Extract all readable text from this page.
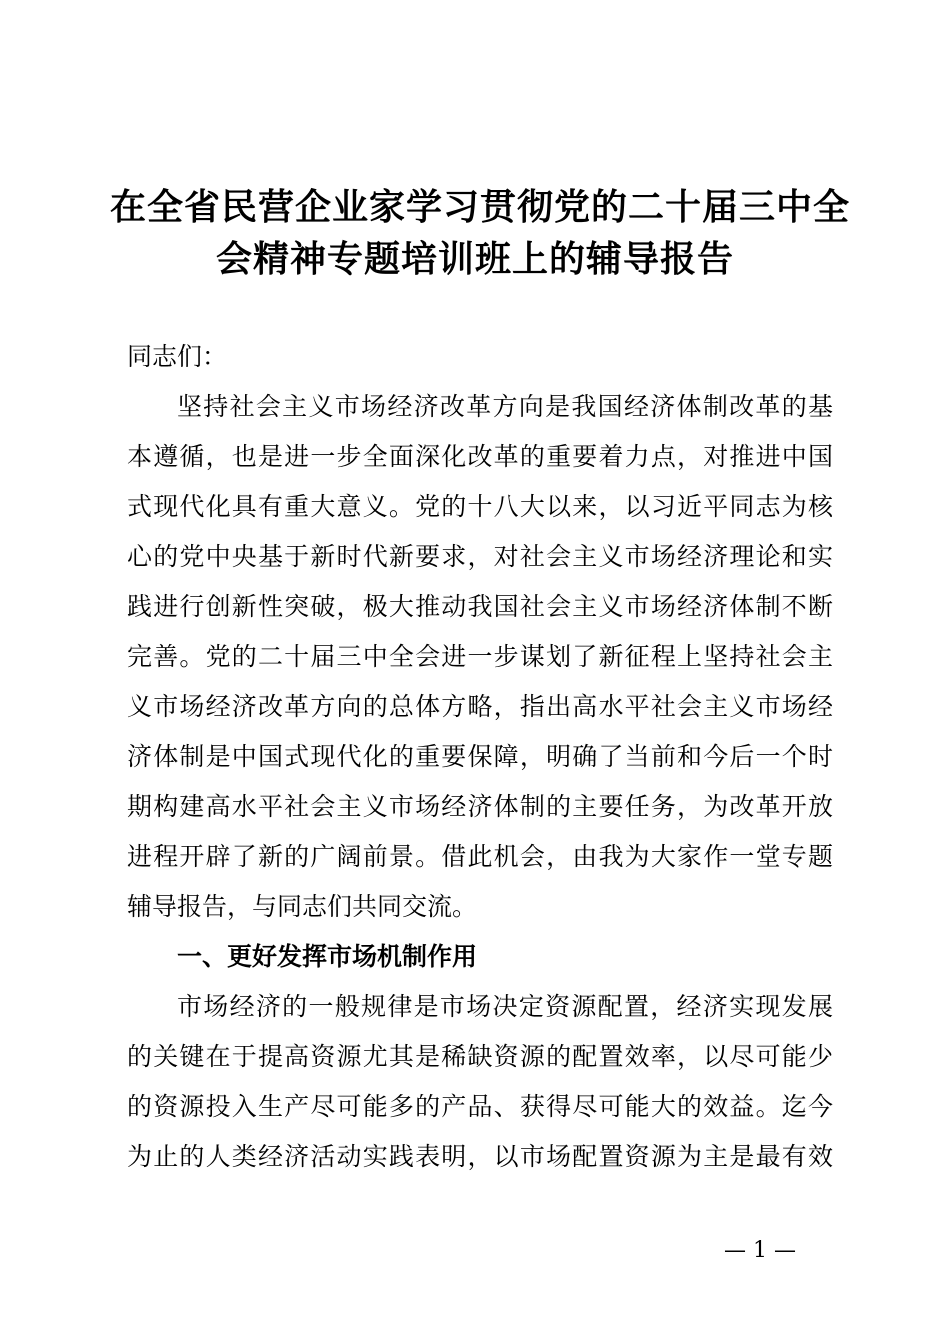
在全省民营企业家学习贯彻党的二十届三中全
会精神专题培训班上的辅导报告
同志们：
坚持社会主义市场经济改革方向是我国经济体制改革的基
本遵循，也是进一步全面深化改革的重要着力点，对推进中国
式现代化具有重大意义。党的十八大以来，以习近平同志为核
心的党中央基于新时代新要求，对社会主义市场经济理论和实
践进行创新性突破，极大推动我国社会主义市场经济体制不断
完善。党的二十届三中全会进一步谋划了新征程上坚持社会主
义市场经济改革方向的总体方略，指出高水平社会主义市场经
济体制是中国式现代化的重要保障，明确了当前和今后一个时
期构建高水平社会主义市场经济体制的主要任务，为改革开放
进程开辟了新的广阔前景。借此机会，由我为大家作一堂专题
辅导报告，与同志们共同交流。
一、更好发挥市场机制作用
市场经济的一般规律是市场决定资源配置，经济实现发展
的关键在于提高资源尤其是稀缺资源的配置效率，以尽可能少
的资源投入生产尽可能多的产品、获得尽可能大的效益。迄今
为止的人类经济活动实践表明，以市场配置资源为主是最有效
— 1 —
